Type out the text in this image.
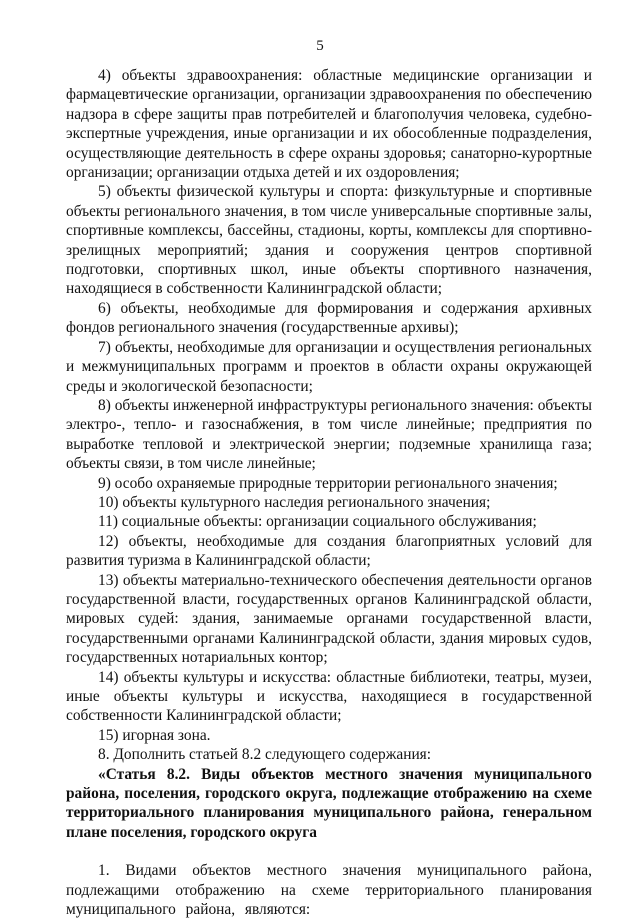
5

4) объекты здравоохранения: областные медицинские организации и фармацевтические организации, организации здравоохранения по обеспечению надзора в сфере защиты прав потребителей и благополучия человека, судебно-экспертные учреждения, иные организации и их обособленные подразделения, осуществляющие деятельность в сфере охраны здоровья; санаторно-курортные организации; организации отдыха детей и их оздоровления;

5) объекты физической культуры и спорта: физкультурные и спортивные объекты регионального значения, в том числе универсальные спортивные залы, спортивные комплексы, бассейны, стадионы, корты, комплексы для спортивно-зрелищных мероприятий; здания и сооружения центров спортивной подготовки, спортивных школ, иные объекты спортивного назначения, находящиеся в собственности Калининградской области;

6) объекты, необходимые для формирования и содержания архивных фондов регионального значения (государственные архивы);

7) объекты, необходимые для организации и осуществления региональных и межмуниципальных программ и проектов в области охраны окружающей среды и экологической безопасности;

8) объекты инженерной инфраструктуры регионального значения: объекты электро-, тепло- и газоснабжения, в том числе линейные; предприятия по выработке тепловой и электрической энергии; подземные хранилища газа; объекты связи, в том числе линейные;

9) особо охраняемые природные территории регионального значения;

10) объекты культурного наследия регионального значения;

11) социальные объекты: организации социального обслуживания;

12) объекты, необходимые для создания благоприятных условий для развития туризма в Калининградской области;

13) объекты материально-технического обеспечения деятельности органов государственной власти, государственных органов Калининградской области, мировых судей: здания, занимаемые органами государственной власти, государственными органами Калининградской области, здания мировых судов, государственных нотариальных контор;

14) объекты культуры и искусства: областные библиотеки, театры, музеи, иные объекты культуры и искусства, находящиеся в государственной собственности Калининградской области;

15) игорная зона.

8. Дополнить статьей 8.2 следующего содержания:

«Статья 8.2. Виды объектов местного значения муниципального района, поселения, городского округа, подлежащие отображению на схеме территориального планирования муниципального района, генеральном плане поселения, городского округа

1. Видами объектов местного значения муниципального района, подлежащими отображению на схеме территориального планирования муниципального района, являются:
